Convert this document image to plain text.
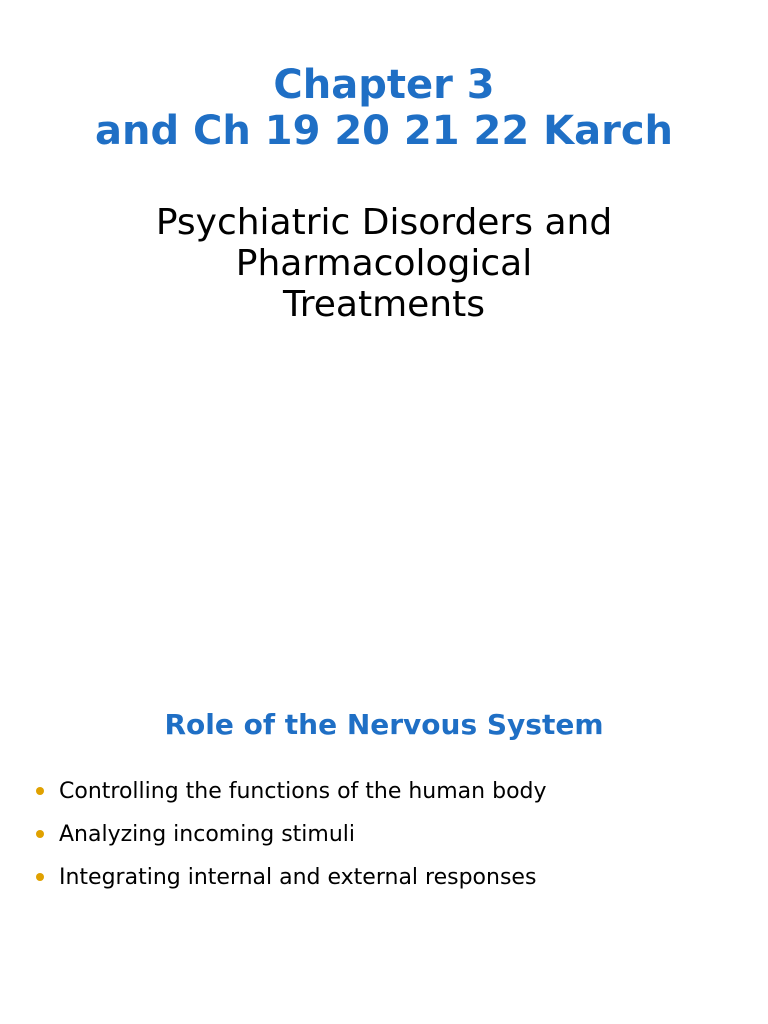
Chapter 3
and Ch 19 20 21 22 Karch
Psychiatric Disorders and
Pharmacological
Treatments
Role of the Nervous System
Controlling the functions of the human body
Analyzing incoming stimuli
Integrating internal and external responses
